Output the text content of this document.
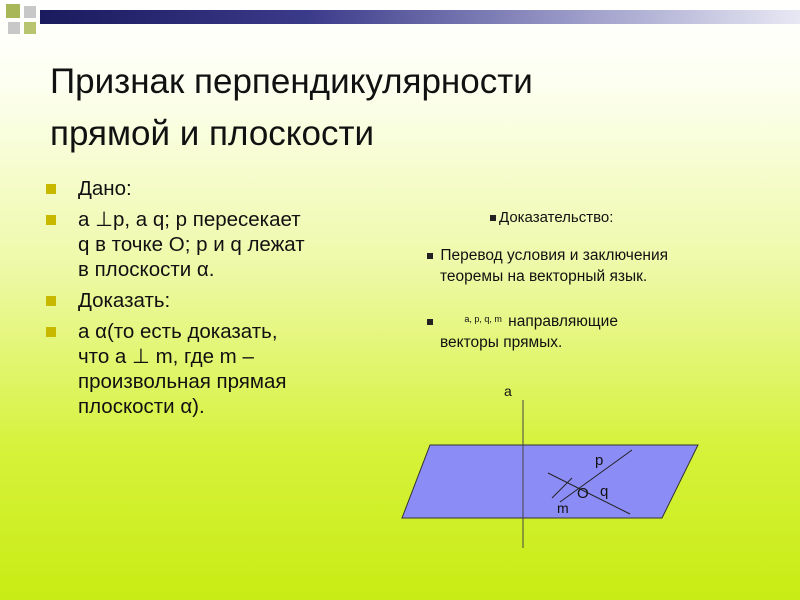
Признак перпендикулярности
прямой и плоскости
Дано:
a ⊥p, a q; p пересекает
q в точке O; p и q лежат
в плоскости α.
Доказать:
a α(то есть доказать,
что a ⊥ m, где m –
произвольная прямая
плоскости α).
Доказательство:
Перевод условия и заключения
теоремы на векторный язык.
$^{a, p, q, m}$ направляющие
векторы прямых.
a
p
O q
m
